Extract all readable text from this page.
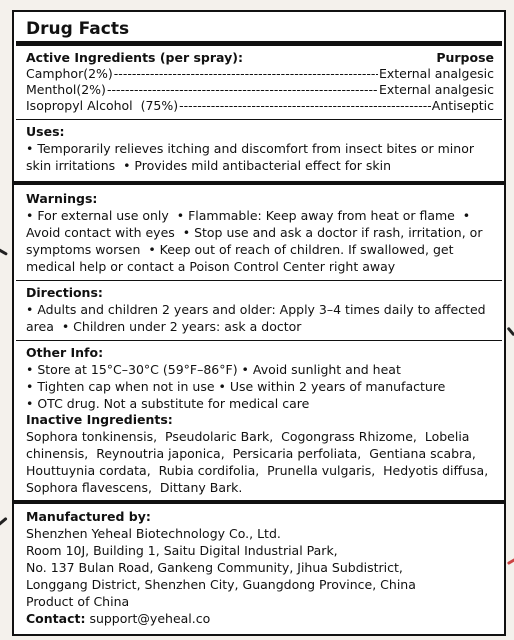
Drug Facts
Active Ingredients (per spray):	Purpose
Camphor(2%) -----	External analgesic
Menthol(2%) -----	External analgesic
Isopropyl Alcohol  (75%) -----	Antiseptic
Uses:
• Temporarily relieves itching and discomfort from insect bites or minor skin irritations  • Provides mild antibacterial effect for skin
Warnings:
• For external use only  • Flammable: Keep away from heat or flame  • Avoid contact with eyes  • Stop use and ask a doctor if rash, irritation, or symptoms worsen  • Keep out of reach of children. If swallowed, get medical help or contact a Poison Control Center right away
Directions:
• Adults and children 2 years and older: Apply 3–4 times daily to affected area  • Children under 2 years: ask a doctor
Other Info:
• Store at 15°C–30°C (59°F–86°F) • Avoid sunlight and heat
• Tighten cap when not in use • Use within 2 years of manufacture
• OTC drug. Not a substitute for medical care
Inactive Ingredients:
Sophora tonkinensis,  Pseudolaric Bark,  Cogongrass Rhizome,  Lobelia chinensis,  Reynoutria japonica,  Persicaria perfoliata,  Gentiana scabra,  Houttuynia cordata,  Rubia cordifolia,  Prunella vulgaris,  Hedyotis diffusa,  Sophora flavescens,  Dittany Bark.
Manufactured by:
Shenzhen Yeheal Biotechnology Co., Ltd.
Room 10J, Building 1, Saitu Digital Industrial Park,
No. 137 Bulan Road, Gankeng Community, Jihua Subdistrict,
Longgang District, Shenzhen City, Guangdong Province, China
Product of China
Contact: support@yeheal.co
